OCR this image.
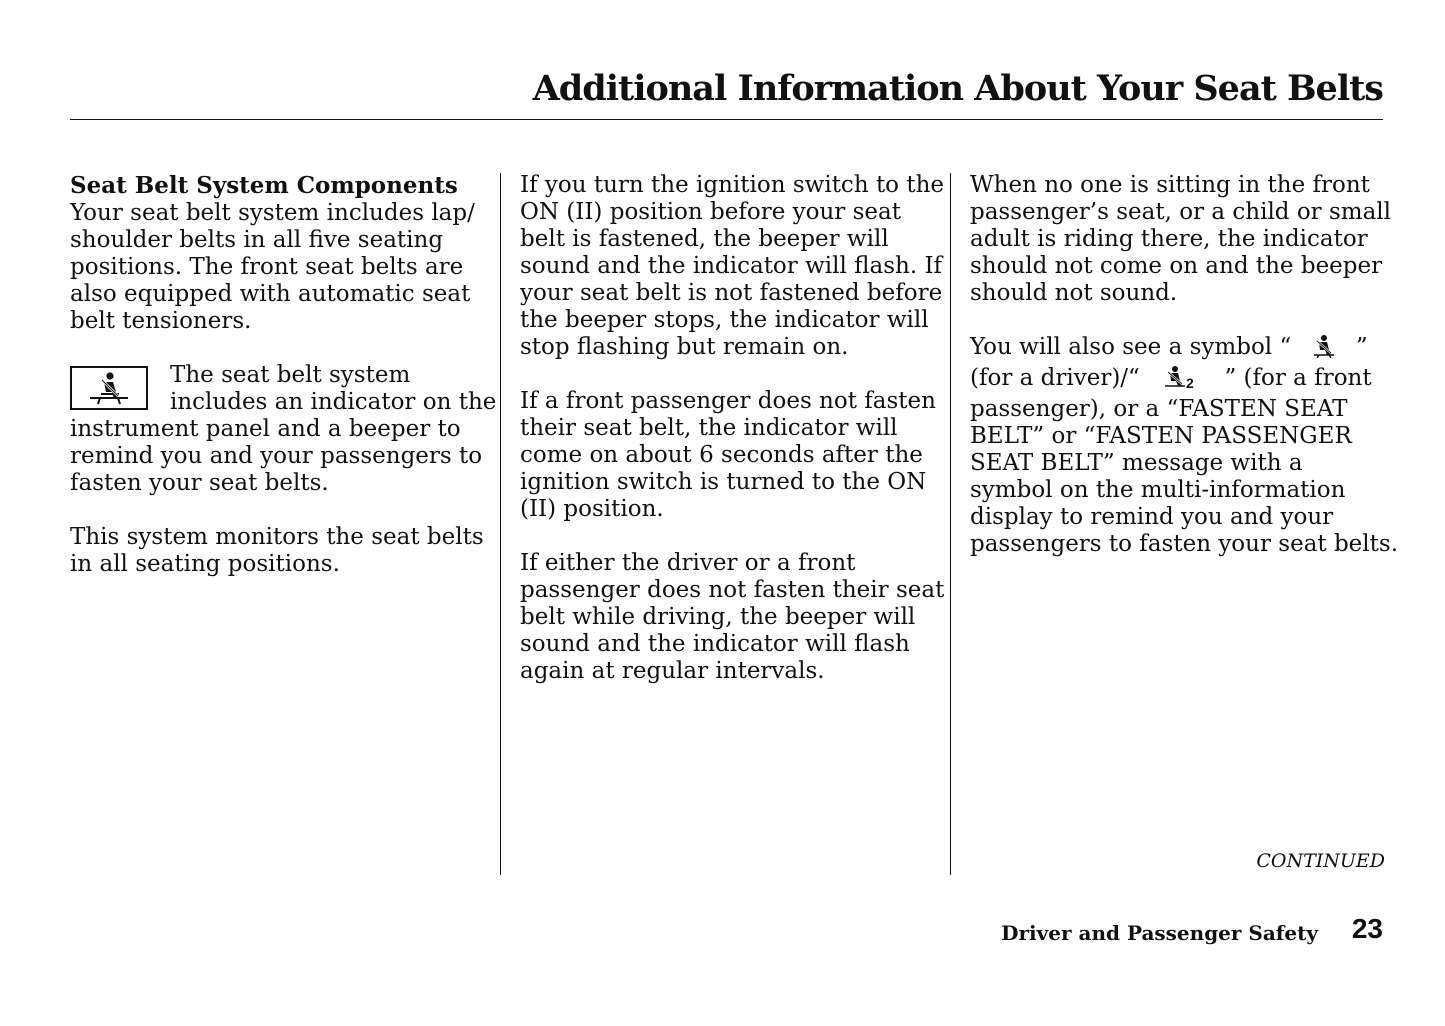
Additional Information About Your Seat Belts

Seat Belt System Components
Your seat belt system includes lap/
shoulder belts in all five seating
positions. The front seat belts are
also equipped with automatic seat
belt tensioners.

The seat belt system
includes an indicator on the
instrument panel and a beeper to
remind you and your passengers to
fasten your seat belts.

This system monitors the seat belts
in all seating positions.

If you turn the ignition switch to the
ON (II) position before your seat
belt is fastened, the beeper will
sound and the indicator will flash. If
your seat belt is not fastened before
the beeper stops, the indicator will
stop flashing but remain on.

If a front passenger does not fasten
their seat belt, the indicator will
come on about 6 seconds after the
ignition switch is turned to the ON
(II) position.

If either the driver or a front
passenger does not fasten their seat
belt while driving, the beeper will
sound and the indicator will flash
again at regular intervals.

When no one is sitting in the front
passenger’s seat, or a child or small
adult is riding there, the indicator
should not come on and the beeper
should not sound.

You will also see a symbol “	”
(for a driver)/“	2 ” (for a front
passenger), or a “FASTEN SEAT
BELT” or “FASTEN PASSENGER
SEAT BELT” message with a
symbol on the multi-information
display to remind you and your
passengers to fasten your seat belts.

CONTINUED
Driver and Passenger Safety 23
